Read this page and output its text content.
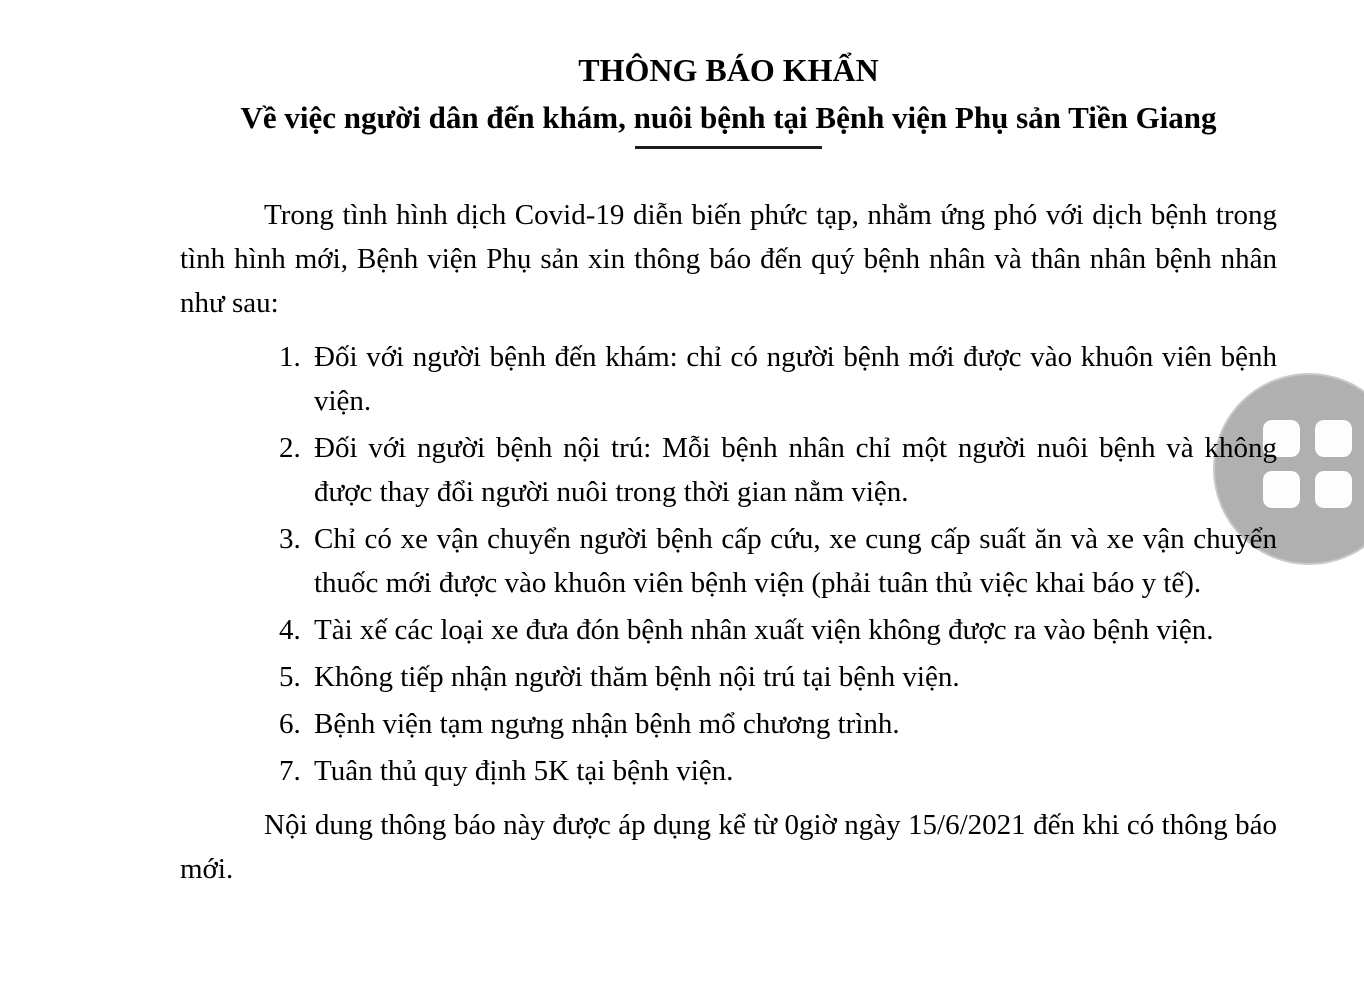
THÔNG BÁO KHẨN
Về việc người dân đến khám, nuôi bệnh tại Bệnh viện Phụ sản Tiền Giang

Trong tình hình dịch Covid-19 diễn biến phức tạp, nhằm ứng phó với dịch bệnh trong tình hình mới, Bệnh viện Phụ sản xin thông báo đến quý bệnh nhân và thân nhân bệnh nhân như sau:

1. Đối với người bệnh đến khám: chỉ có người bệnh mới được vào khuôn viên bệnh viện.
2. Đối với người bệnh nội trú: Mỗi bệnh nhân chỉ một người nuôi bệnh và không được thay đổi người nuôi trong thời gian nằm viện.
3. Chỉ có xe vận chuyển người bệnh cấp cứu, xe cung cấp suất ăn và xe vận chuyển thuốc mới được vào khuôn viên bệnh viện (phải tuân thủ việc khai báo y tế).
4. Tài xế các loại xe đưa đón bệnh nhân xuất viện không được ra vào bệnh viện.
5. Không tiếp nhận người thăm bệnh nội trú tại bệnh viện.
6. Bệnh viện tạm ngưng nhận bệnh mổ chương trình.
7. Tuân thủ quy định 5K tại bệnh viện.

Nội dung thông báo này được áp dụng kể từ 0giờ ngày 15/6/2021 đến khi có thông báo mới.
